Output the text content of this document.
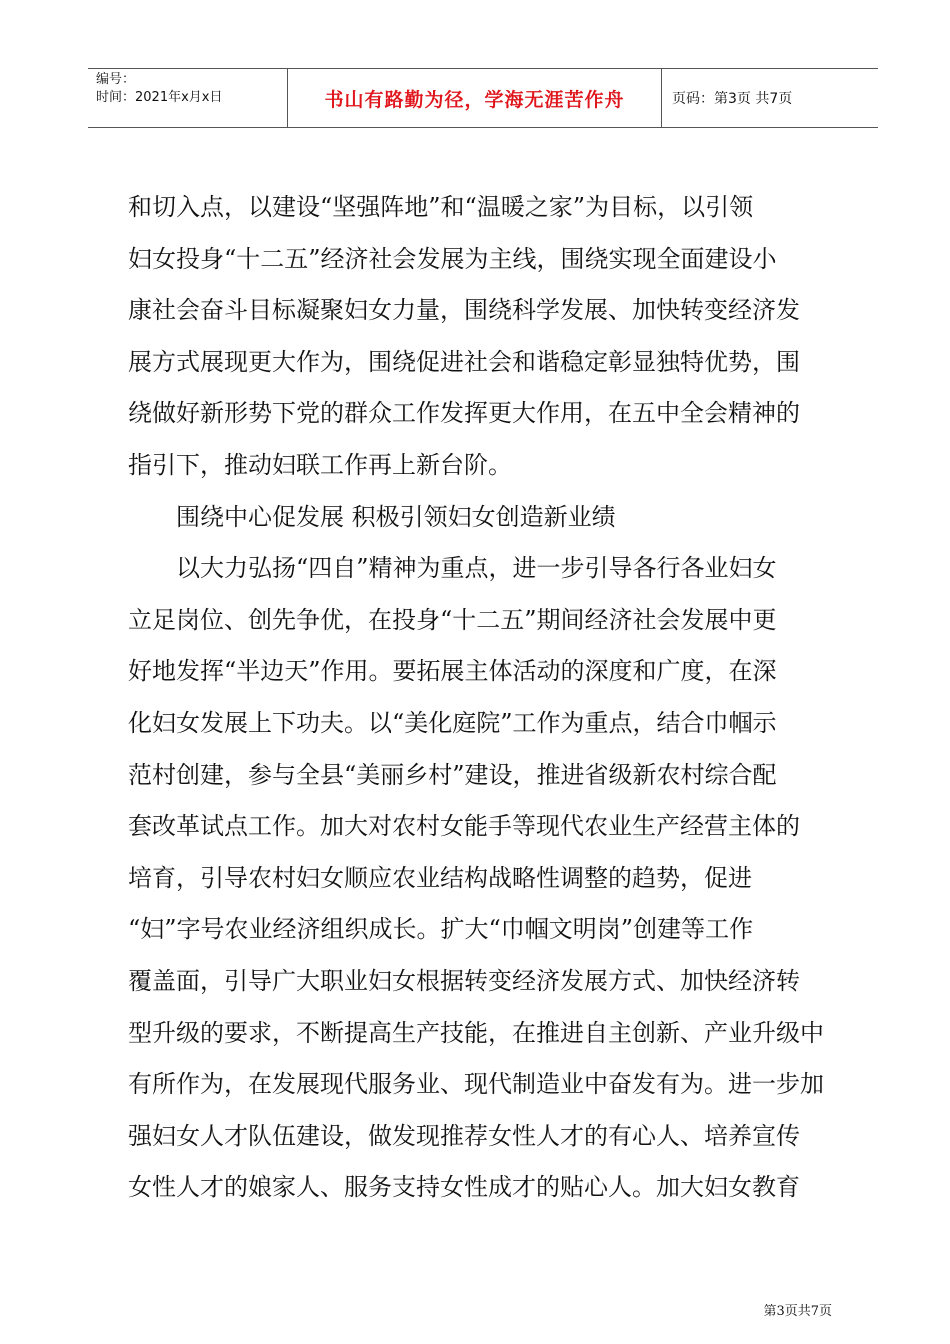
编号：
时间：2021年x月x日	书山有路勤为径，学海无涯苦作舟	页码：第3页 共7页
和切入点，以建设“坚强阵地”和“温暖之家”为目标，以引领
妇女投身“十二五”经济社会发展为主线，围绕实现全面建设小
康社会奋斗目标凝聚妇女力量，围绕科学发展、加快转变经济发
展方式展现更大作为，围绕促进社会和谐稳定彰显独特优势，围
绕做好新形势下党的群众工作发挥更大作用，在五中全会精神的
指引下，推动妇联工作再上新台阶。
　　围绕中心促发展 积极引领妇女创造新业绩
　　以大力弘扬“四自”精神为重点，进一步引导各行各业妇女
立足岗位、创先争优，在投身“十二五”期间经济社会发展中更
好地发挥“半边天”作用。要拓展主体活动的深度和广度，在深
化妇女发展上下功夫。以“美化庭院”工作为重点，结合巾帼示
范村创建，参与全县“美丽乡村”建设，推进省级新农村综合配
套改革试点工作。加大对农村女能手等现代农业生产经营主体的
培育，引导农村妇女顺应农业结构战略性调整的趋势，促进
“妇”字号农业经济组织成长。扩大“巾帼文明岗”创建等工作
覆盖面，引导广大职业妇女根据转变经济发展方式、加快经济转
型升级的要求，不断提高生产技能，在推进自主创新、产业升级中
有所作为，在发展现代服务业、现代制造业中奋发有为。进一步加
强妇女人才队伍建设，做发现推荐女性人才的有心人、培养宣传
女性人才的娘家人、服务支持女性成才的贴心人。加大妇女教育
第3页共7页
